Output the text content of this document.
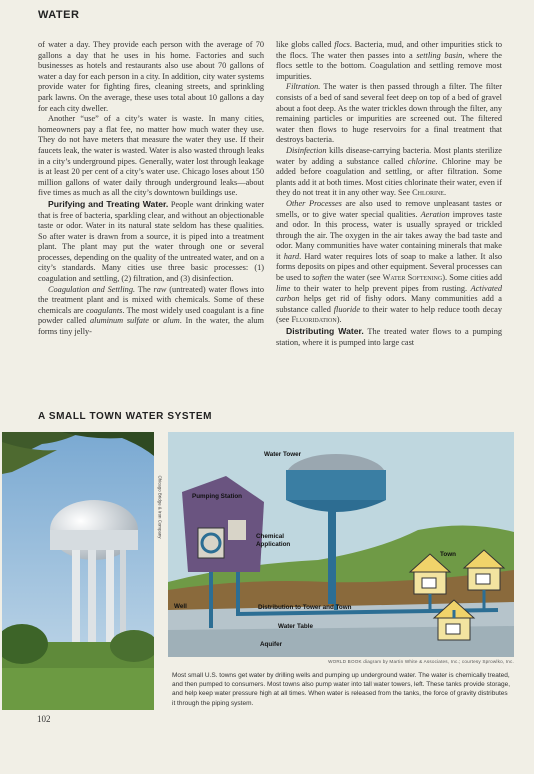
WATER

of water a day. They provide each person with the average of 70 gallons a day that he uses in his home. Factories and such businesses as hotels and restaurants also use about 70 gallons of water a day for each person in a city. In addition, city water systems provide water for fighting fires, cleaning streets, and sprinkling park lawns. On the average, these uses total about 10 gallons a day for each city dweller.

Another “use” of a city’s water is waste. In many cities, homeowners pay a flat fee, no matter how much water they use. They do not have meters that measure the water they use. If their faucets leak, the water is wasted. Water is also wasted through leaks in a city’s underground pipes. Generally, water lost through leakage is at least 20 per cent of a city’s water use. Chicago loses about 150 million gallons of water daily through underground leaks—about five times as much as all the city’s downtown buildings use.

Purifying and Treating Water. People want drinking water that is free of bacteria, sparkling clear, and without an objectionable taste or odor. Water in its natural state seldom has these qualities. So after water is drawn from a source, it is piped into a treatment plant. The plant may put the water through one or several processes, depending on the quality of the untreated water, and on a city’s standards. Many cities use three basic processes: (1) coagulation and settling, (2) filtration, and (3) disinfection.

Coagulation and Settling. The raw (untreated) water flows into the treatment plant and is mixed with chemicals. Some of these chemicals are coagulants. The most widely used coagulant is a fine powder called aluminum sulfate or alum. In the water, the alum forms tiny jelly-

like globs called flocs. Bacteria, mud, and other impurities stick to the flocs. The water then passes into a settling basin, where the flocs settle to the bottom. Coagulation and settling remove most impurities.

Filtration. The water is then passed through a filter. The filter consists of a bed of sand several feet deep on top of a bed of gravel about a foot deep. As the water trickles down through the filter, any remaining particles or impurities are screened out. The filtered water then flows to huge reservoirs for a final treatment that destroys bacteria.

Disinfection kills disease-carrying bacteria. Most plants sterilize water by adding a substance called chlorine. Chlorine may be added before coagulation and settling, or after filtration. Some plants add it at both times. Most cities chlorinate their water, even if they do not treat it in any other way. See Chlorine.

Other Processes are also used to remove unpleasant tastes or smells, or to give water special qualities. Aeration improves taste and odor. In this process, water is usually sprayed or trickled through the air. The oxygen in the air takes away the bad taste and odor. Many communities have water containing minerals that make it hard. Hard water requires lots of soap to make a lather. It also forms deposits on pipes and other equipment. Several processes can be used to soften the water (see Water Softening). Some cities add lime to their water to help prevent pipes from rusting. Activated carbon helps get rid of fishy odors. Many communities add a substance called fluoride to their water to help reduce tooth decay (see Fluoridation).

Distributing Water. The treated water flows to a pumping station, where it is pumped into large cast

A SMALL TOWN WATER SYSTEM
Chicago Bridge & Iron Company
Water Tower
Pumping Station
Chemical
Application
Town
Well	Distribution to Tower and Town
Water Table
Aquifer
WORLD BOOK diagram by Martin White & Associates, Inc.; courtesy Sprowlko, Inc.
Most small U.S. towns get water by drilling wells and pumping up underground water. The water is chemically treated, and then pumped to consumers. Most towns also pump water into tall water towers, left. These tanks provide storage, and help keep water pressure high at all times. When water is released from the tanks, the force of gravity distributes it through the piping system.
102
